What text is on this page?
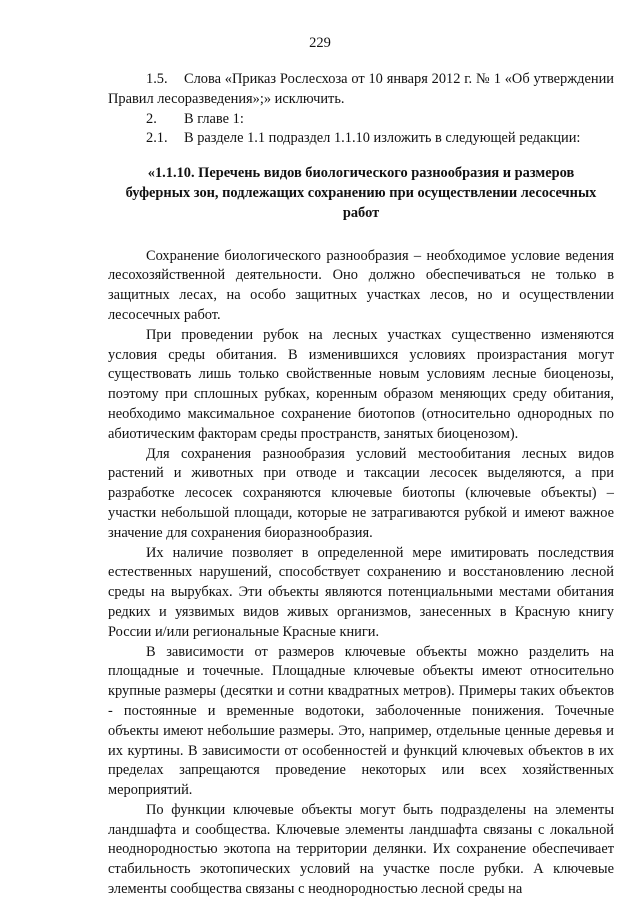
229

1.5. Слова «Приказ Рослесхоза от 10 января 2012 г. № 1 «Об утверждении Правил лесоразведения»;» исключить.

2. В главе 1:

2.1. В разделе 1.1 подраздел 1.1.10 изложить в следующей редакции:

«1.1.10. Перечень видов биологического разнообразия и размеров
буферных зон, подлежащих сохранению при осуществлении лесосечных
работ

Сохранение биологического разнообразия – необходимое условие ведения лесохозяйственной деятельности. Оно должно обеспечиваться не только в защитных лесах, на особо защитных участках лесов, но и осуществлении лесосечных работ.

При проведении рубок на лесных участках существенно изменяются условия среды обитания. В изменившихся условиях произрастания могут существовать лишь только свойственные новым условиям лесные биоценозы, поэтому при сплошных рубках, коренным образом меняющих среду обитания, необходимо максимальное сохранение биотопов (относительно однородных по абиотическим факторам среды пространств, занятых биоценозом).

Для сохранения разнообразия условий местообитания лесных видов растений и животных при отводе и таксации лесосек выделяются, а при разработке лесосек сохраняются ключевые биотопы (ключевые объекты) – участки небольшой площади, которые не затрагиваются рубкой и имеют важное значение для сохранения биоразнообразия.

Их наличие позволяет в определенной мере имитировать последствия естественных нарушений, способствует сохранению и восстановлению лесной среды на вырубках. Эти объекты являются потенциальными местами обитания редких и уязвимых видов живых организмов, занесенных в Красную книгу России и/или региональные Красные книги.

В зависимости от размеров ключевые объекты можно разделить на площадные и точечные. Площадные ключевые объекты имеют относительно крупные размеры (десятки и сотни квадратных метров). Примеры таких объектов - постоянные и временные водотоки, заболоченные понижения. Точечные объекты имеют небольшие размеры. Это, например, отдельные ценные деревья и их куртины. В зависимости от особенностей и функций ключевых объектов в их пределах запрещаются проведение некоторых или всех хозяйственных мероприятий.

По функции ключевые объекты могут быть подразделены на элементы ландшафта и сообщества. Ключевые элементы ландшафта связаны с локальной неоднородностью экотопа на территории делянки. Их сохранение обеспечивает стабильность экотопических условий на участке после рубки. А ключевые элементы сообщества связаны с неоднородностью лесной среды на
